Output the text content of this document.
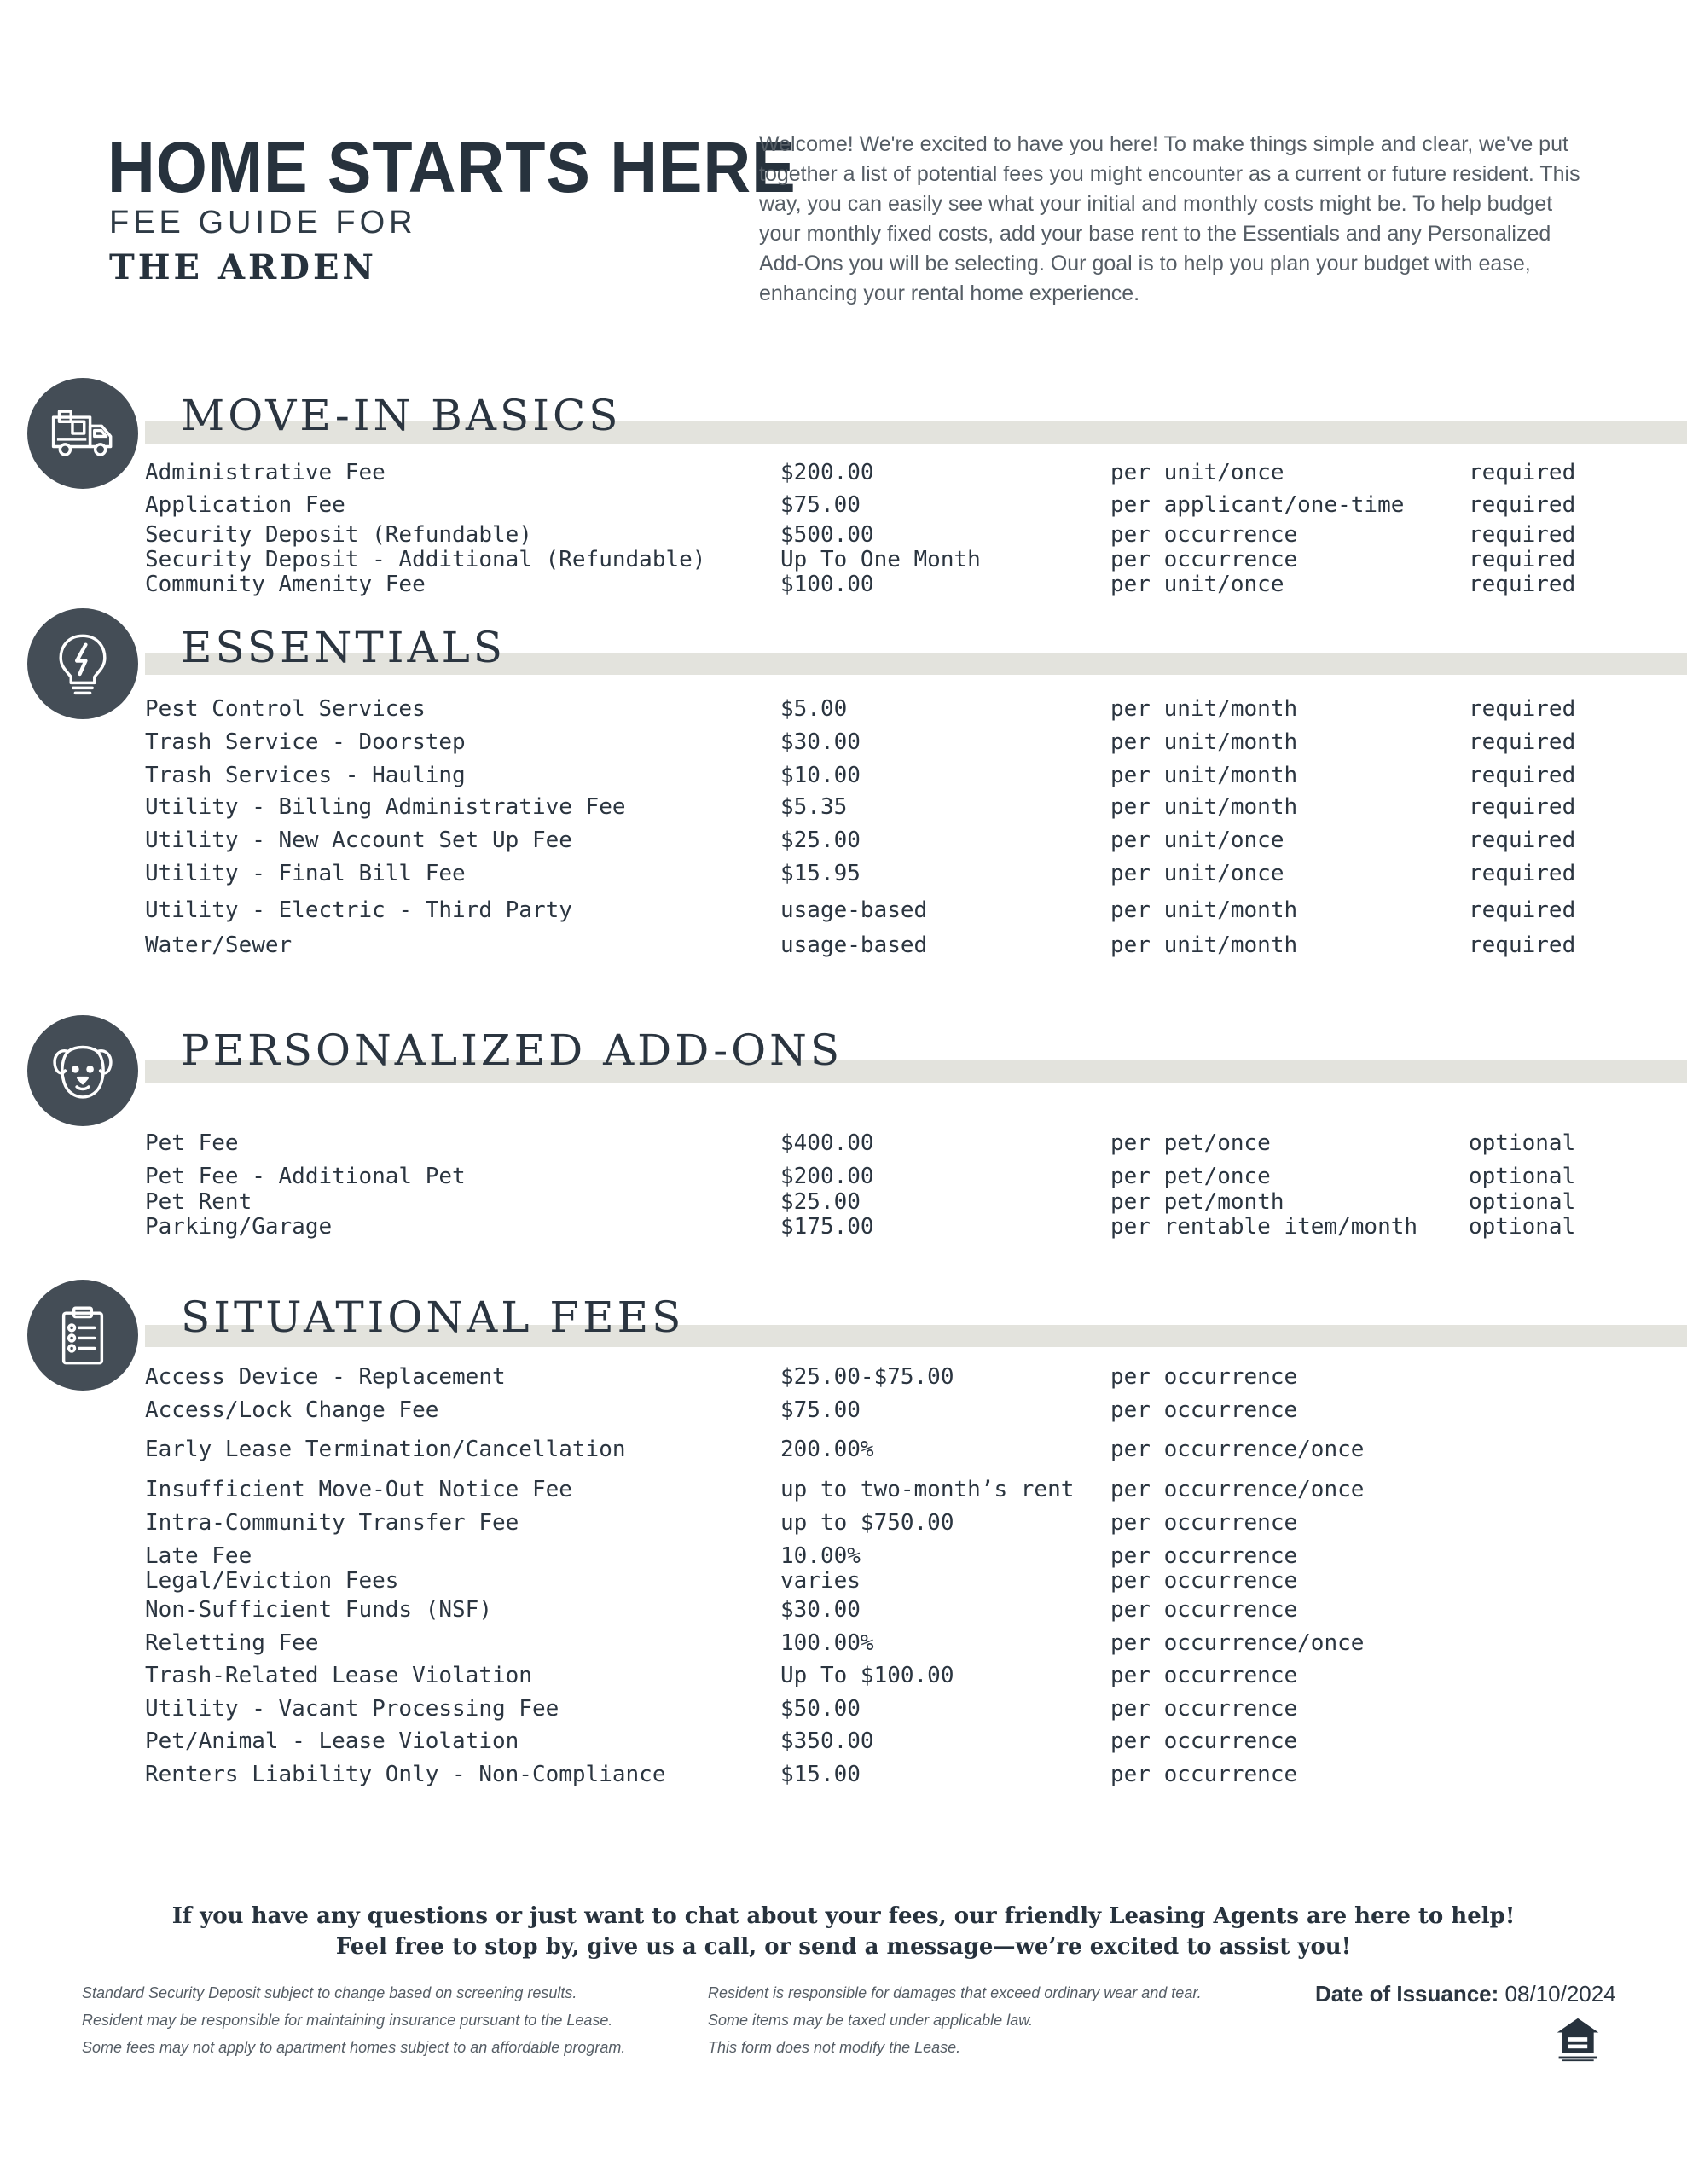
HOME STARTS HERE
FEE GUIDE FOR
THE ARDEN

Welcome! We're excited to have you here! To make things simple and clear, we've put together a list of potential fees you might encounter as a current or future resident. This way, you can easily see what your initial and monthly costs might be. To help budget your monthly fixed costs, add your base rent to the Essentials and any Personalized Add-Ons you will be selecting. Our goal is to help you plan your budget with ease, enhancing your rental home experience.

MOVE-IN BASICS
Administrative Fee	$200.00	per unit/once	required
Application Fee	$75.00	per applicant/one-time	required
Security Deposit (Refundable)	$500.00	per occurrence	required
Security Deposit - Additional (Refundable)	Up To One Month	per occurrence	required
Community Amenity Fee	$100.00	per unit/once	required
ESSENTIALS
Pest Control Services	$5.00	per unit/month	required
Trash Service - Doorstep	$30.00	per unit/month	required
Trash Services - Hauling	$10.00	per unit/month	required
Utility - Billing Administrative Fee	$5.35	per unit/month	required
Utility - New Account Set Up Fee	$25.00	per unit/once	required
Utility - Final Bill Fee	$15.95	per unit/once	required
Utility - Electric - Third Party	usage-based	per unit/month	required
Water/Sewer	usage-based	per unit/month	required
PERSONALIZED ADD-ONS
Pet Fee	$400.00	per pet/once	optional
Pet Fee - Additional Pet	$200.00	per pet/once	optional
Pet Rent	$25.00	per pet/month	optional
Parking/Garage	$175.00	per rentable item/month optional
SITUATIONAL FEES
Access Device - Replacement	$25.00-$75.00	per occurrence
Access/Lock Change Fee	$75.00	per occurrence
Early Lease Termination/Cancellation	200.00%	per occurrence/once
Insufficient Move-Out Notice Fee	up to two-month’s rent per occurrence/once
Intra-Community Transfer Fee	up to $750.00	per occurrence
Late Fee	10.00%	per occurrence
Legal/Eviction Fees	varies	per occurrence
Non-Sufficient Funds (NSF)	$30.00	per occurrence
Reletting Fee	100.00%	per occurrence/once
Trash-Related Lease Violation	Up To $100.00	per occurrence
Utility - Vacant Processing Fee	$50.00	per occurrence
Pet/Animal - Lease Violation	$350.00	per occurrence
Renters Liability Only - Non-Compliance	$15.00	per occurrence
If you have any questions or just want to chat about your fees, our friendly Leasing Agents are here to help!
Feel free to stop by, give us a call, or send a message—we’re excited to assist you!
Standard Security Deposit subject to change based on screening results.
Resident may be responsible for maintaining insurance pursuant to the Lease.
Some fees may not apply to apartment homes subject to an affordable program.
Resident is responsible for damages that exceed ordinary wear and tear.
Some items may be taxed under applicable law.
This form does not modify the Lease.
Date of Issuance: 08/10/2024
